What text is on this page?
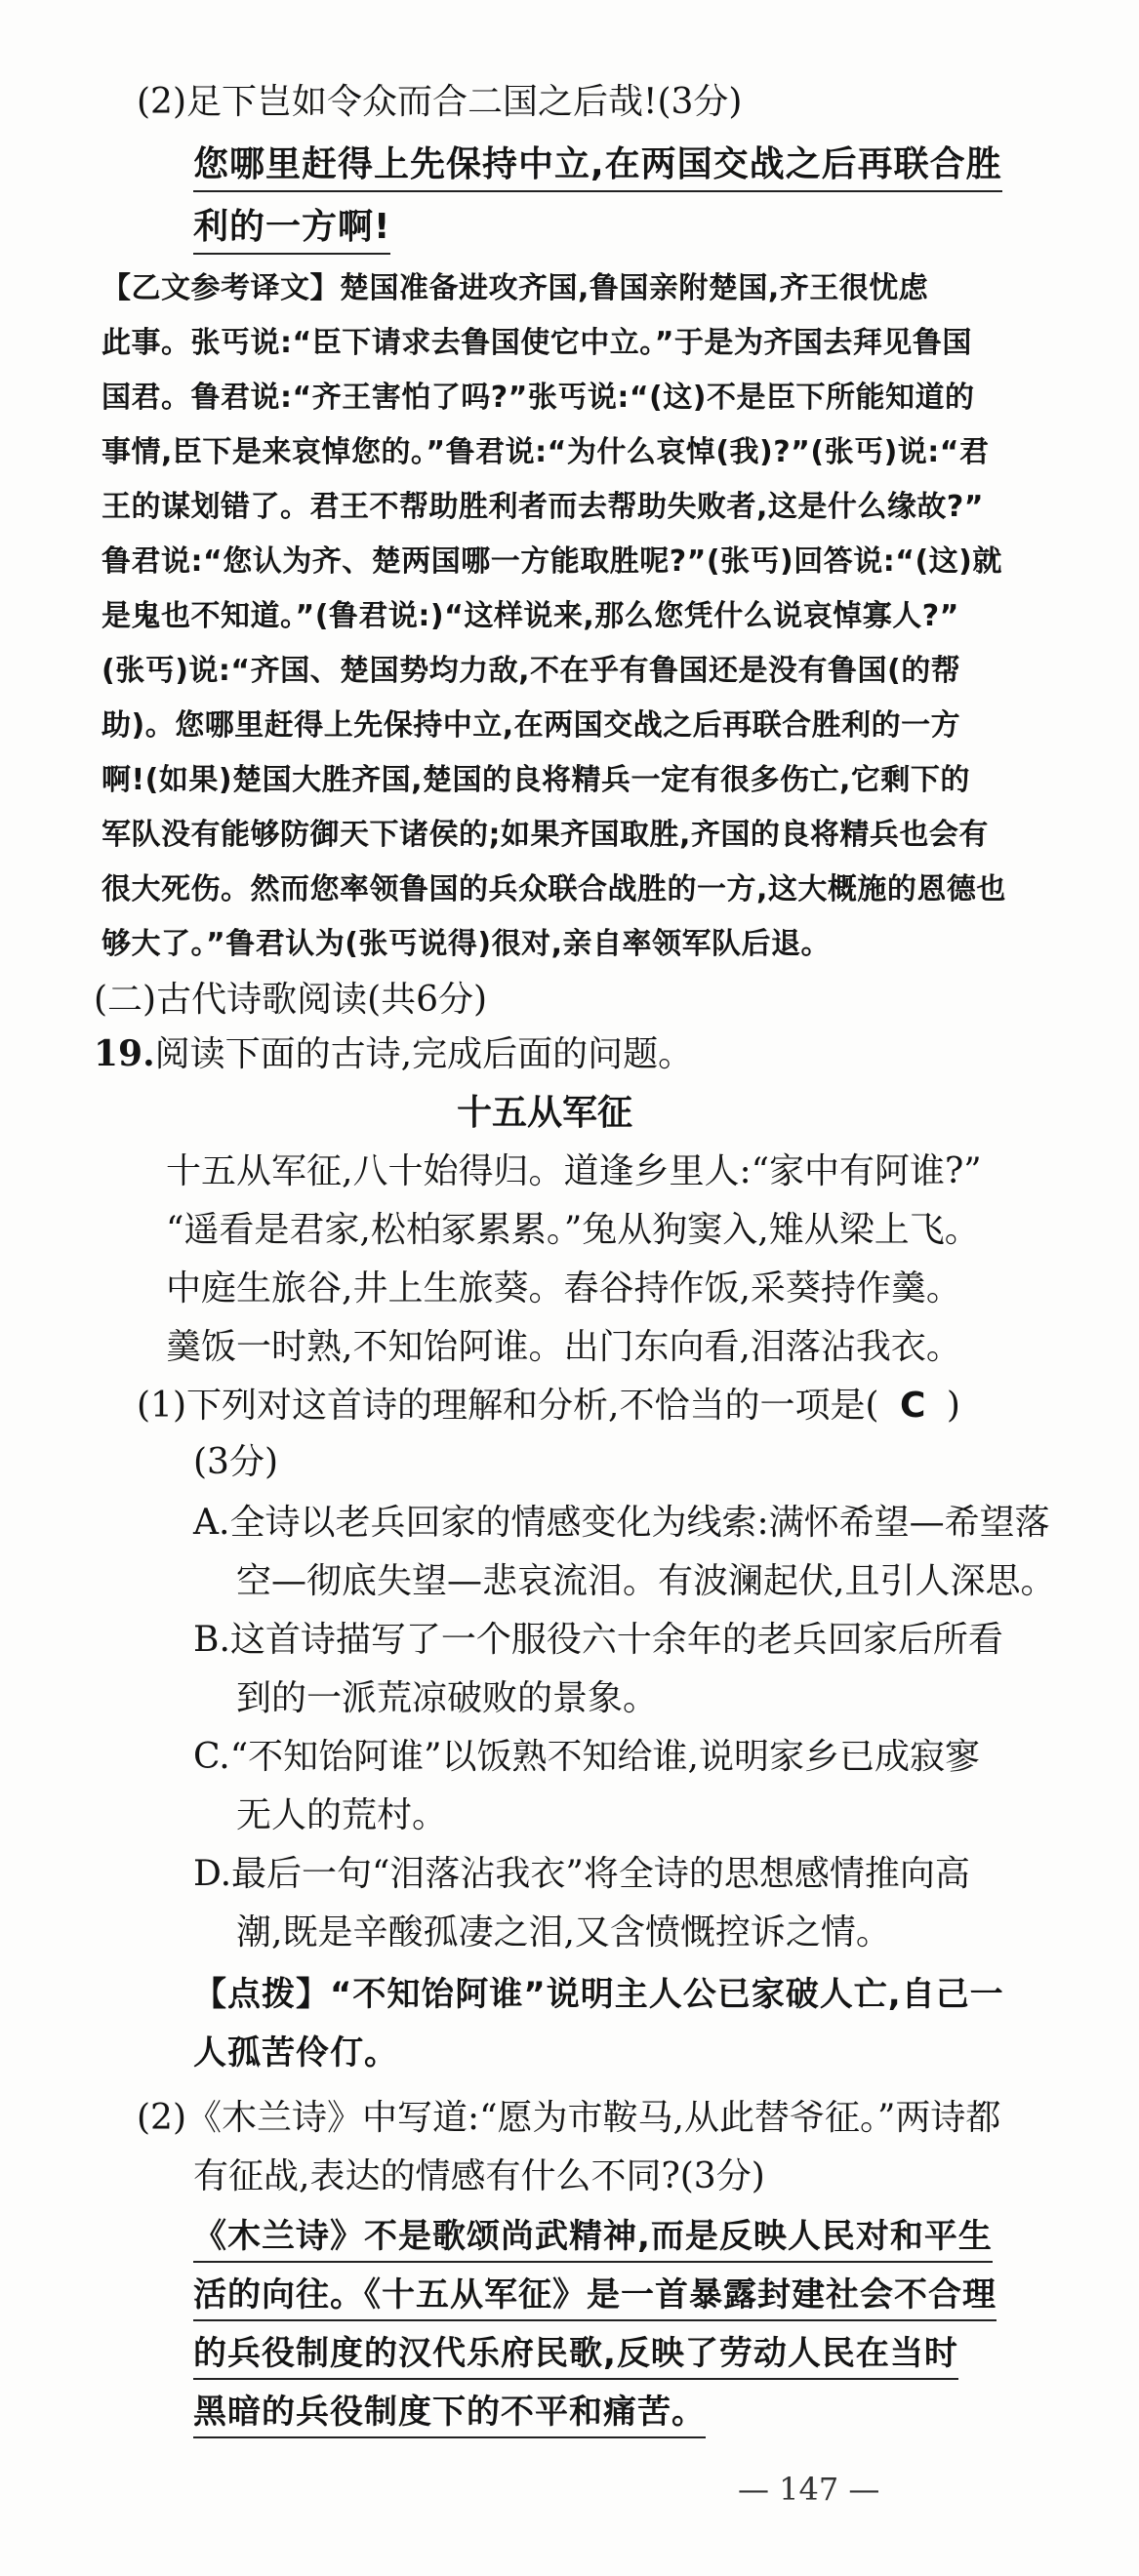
(2)足下岂如令众而合二国之后哉!(3分)
您哪里赶得上先保持中立,在两国交战之后再联合胜
利的一方啊!
【乙文参考译文】楚国准备进攻齐国,鲁国亲附楚国,齐王很忧虑
此事。张丐说:“臣下请求去鲁国使它中立。”于是为齐国去拜见鲁国
国君。鲁君说:“齐王害怕了吗?”张丐说:“(这)不是臣下所能知道的
事情,臣下是来哀悼您的。”鲁君说:“为什么哀悼(我)?”(张丐)说:“君
王的谋划错了。君王不帮助胜利者而去帮助失败者,这是什么缘故?”
鲁君说:“您认为齐、楚两国哪一方能取胜呢?”(张丐)回答说:“(这)就
是鬼也不知道。”(鲁君说:)“这样说来,那么您凭什么说哀悼寡人?”
(张丐)说:“齐国、楚国势均力敌,不在乎有鲁国还是没有鲁国(的帮
助)。您哪里赶得上先保持中立,在两国交战之后再联合胜利的一方
啊!(如果)楚国大胜齐国,楚国的良将精兵一定有很多伤亡,它剩下的
军队没有能够防御天下诸侯的;如果齐国取胜,齐国的良将精兵也会有
很大死伤。然而您率领鲁国的兵众联合战胜的一方,这大概施的恩德也
够大了。”鲁君认为(张丐说得)很对,亲自率领军队后退。
(二)古代诗歌阅读(共6分)
19.阅读下面的古诗,完成后面的问题。
十五从军征
十五从军征,八十始得归。道逢乡里人:“家中有阿谁?”
“遥看是君家,松柏冢累累。”兔从狗窦入,雉从梁上飞。
中庭生旅谷,井上生旅葵。舂谷持作饭,采葵持作羹。
羹饭一时熟,不知饴阿谁。出门东向看,泪落沾我衣。
(1)下列对这首诗的理解和分析,不恰当的一项是( C )
(3分)
A.全诗以老兵回家的情感变化为线索:满怀希望—希望落
空—彻底失望—悲哀流泪。有波澜起伏,且引人深思。
B.这首诗描写了一个服役六十余年的老兵回家后所看
到的一派荒凉破败的景象。
C.“不知饴阿谁”以饭熟不知给谁,说明家乡已成寂寥
无人的荒村。
D.最后一句“泪落沾我衣”将全诗的思想感情推向高
潮,既是辛酸孤凄之泪,又含愤慨控诉之情。
【点拨】“不知饴阿谁”说明主人公已家破人亡,自己一
人孤苦伶仃。
(2)《木兰诗》中写道:“愿为市鞍马,从此替爷征。”两诗都
有征战,表达的情感有什么不同?(3分)
《木兰诗》不是歌颂尚武精神,而是反映人民对和平生
活的向往。《十五从军征》是一首暴露封建社会不合理
的兵役制度的汉代乐府民歌,反映了劳动人民在当时
黑暗的兵役制度下的不平和痛苦。
— 147 —
